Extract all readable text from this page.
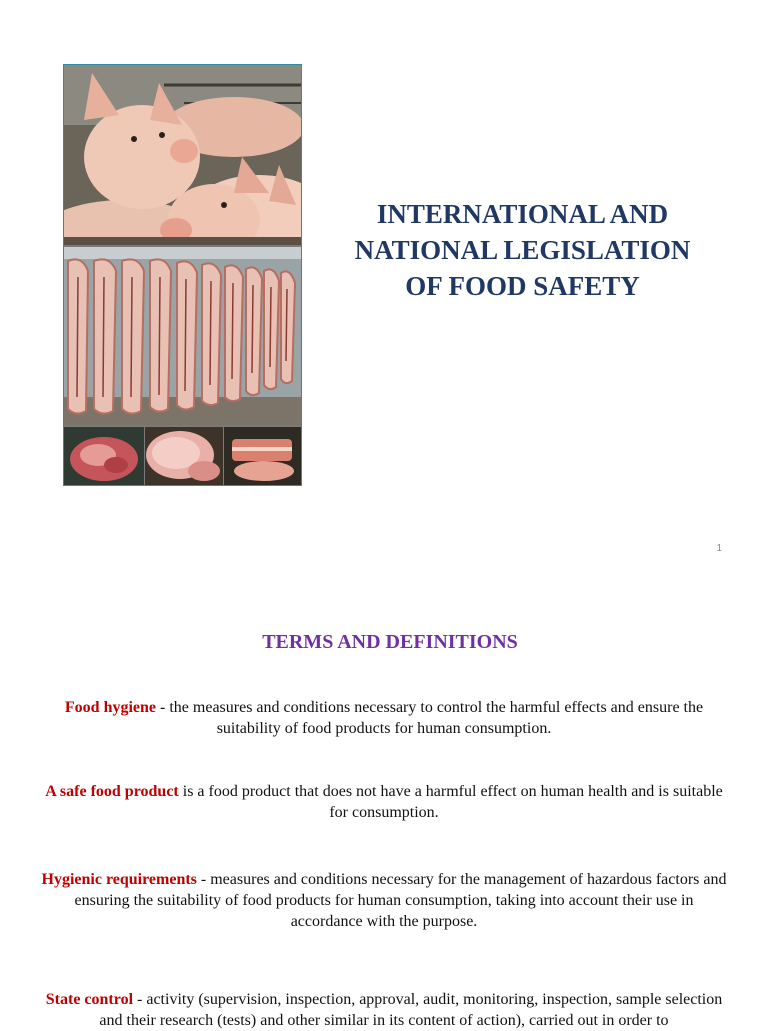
INTERNATIONAL AND
NATIONAL LEGISLATION
OF FOOD SAFETY
1
TERMS AND DEFINITIONS
Food hygiene - the measures and conditions necessary to control the harmful effects and ensure the suitability of food products for human consumption.
A safe food product is a food product that does not have a harmful effect on human health and is suitable for consumption.
Hygienic requirements - measures and conditions necessary for the management of hazardous factors and ensuring the suitability of food products for human consumption, taking into account their use in accordance with the purpose.
State control - activity (supervision, inspection, approval, audit, monitoring, inspection, sample selection and their research (tests) and other similar in its content of action), carried out in order to
